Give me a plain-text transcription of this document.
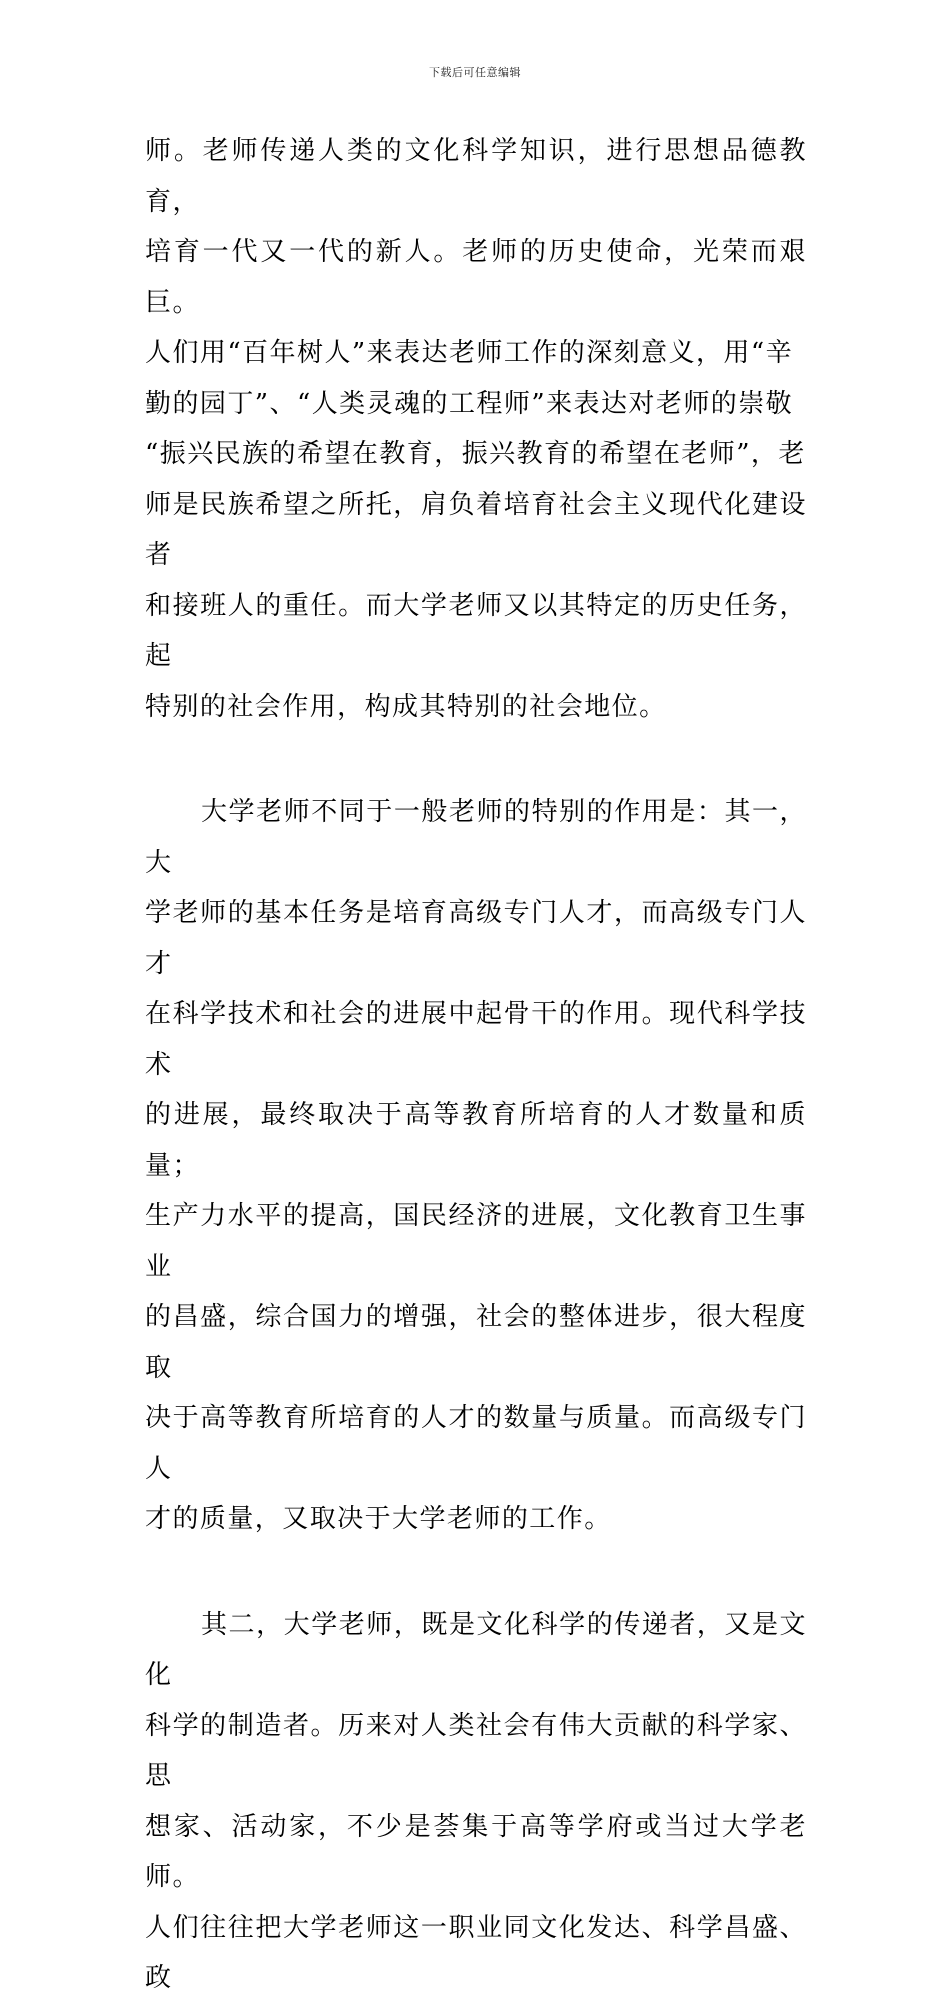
下载后可任意编辑
师。老师传递人类的文化科学知识，进行思想品德教育，
培育一代又一代的新人。老师的历史使命，光荣而艰巨。
人们用“百年树人”来表达老师工作的深刻意义，用“辛
勤的园丁”、“人类灵魂的工程师”来表达对老师的崇敬
“振兴民族的希望在教育，振兴教育的希望在老师”，老
师是民族希望之所托，肩负着培育社会主义现代化建设者
和接班人的重任。而大学老师又以其特定的历史任务，起
特别的社会作用，构成其特别的社会地位。
大学老师不同于一般老师的特别的作用是：其一，大
学老师的基本任务是培育高级专门人才，而高级专门人才
在科学技术和社会的进展中起骨干的作用。现代科学技术
的进展，最终取决于高等教育所培育的人才数量和质量；
生产力水平的提高，国民经济的进展，文化教育卫生事业
的昌盛，综合国力的增强，社会的整体进步，很大程度取
决于高等教育所培育的人才的数量与质量。而高级专门人
才的质量，又取决于大学老师的工作。
其二，大学老师，既是文化科学的传递者，又是文化
科学的制造者。历来对人类社会有伟大贡献的科学家、思
想家、活动家，不少是荟集于高等学府或当过大学老师。
人们往往把大学老师这一职业同文化发达、科学昌盛、政
